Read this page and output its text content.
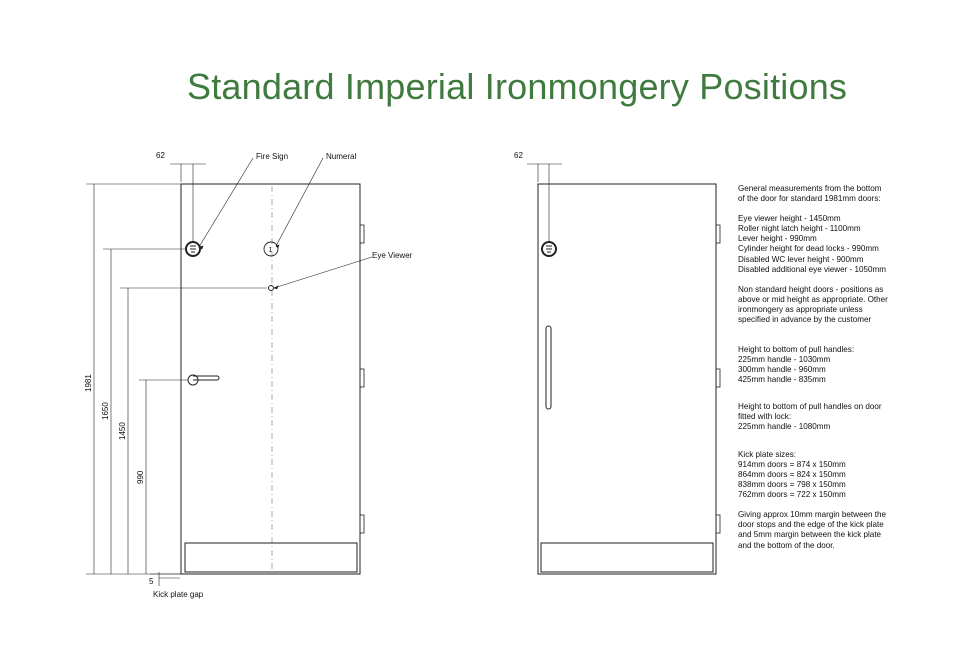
Standard Imperial Ironmongery Positions
1
Fire Sign	Numeral
Eye Viewer
62
1981
1650
1450
990
5
Kick plate gap
62

General measurements from the bottom
of the door for standard 1981mm doors:

Eye viewer height - 1450mm
Roller night latch height - 1100mm
Lever height - 990mm
Cylinder height for dead locks - 990mm
Disabled WC lever height - 900mm
Disabled additional eye viewer - 1050mm

Non standard height doors - positions as
above or mid height as appropriate. Other
ironmongery as appropriate unless
specified in advance by the customer

Height to bottom of pull handles:
225mm handle - 1030mm
300mm handle - 960mm
425mm handle - 835mm

Height to bottom of pull handles on door
fitted with lock:
225mm handle - 1080mm

Kick plate sizes:
914mm doors = 874 x 150mm
864mm doors = 824 x 150mm
838mm doors = 798 x 150mm
762mm doors = 722 x 150mm

Giving approx 10mm margin between the
door stops and the edge of the kick plate
and 5mm margin between the kick plate
and the bottom of the door.
